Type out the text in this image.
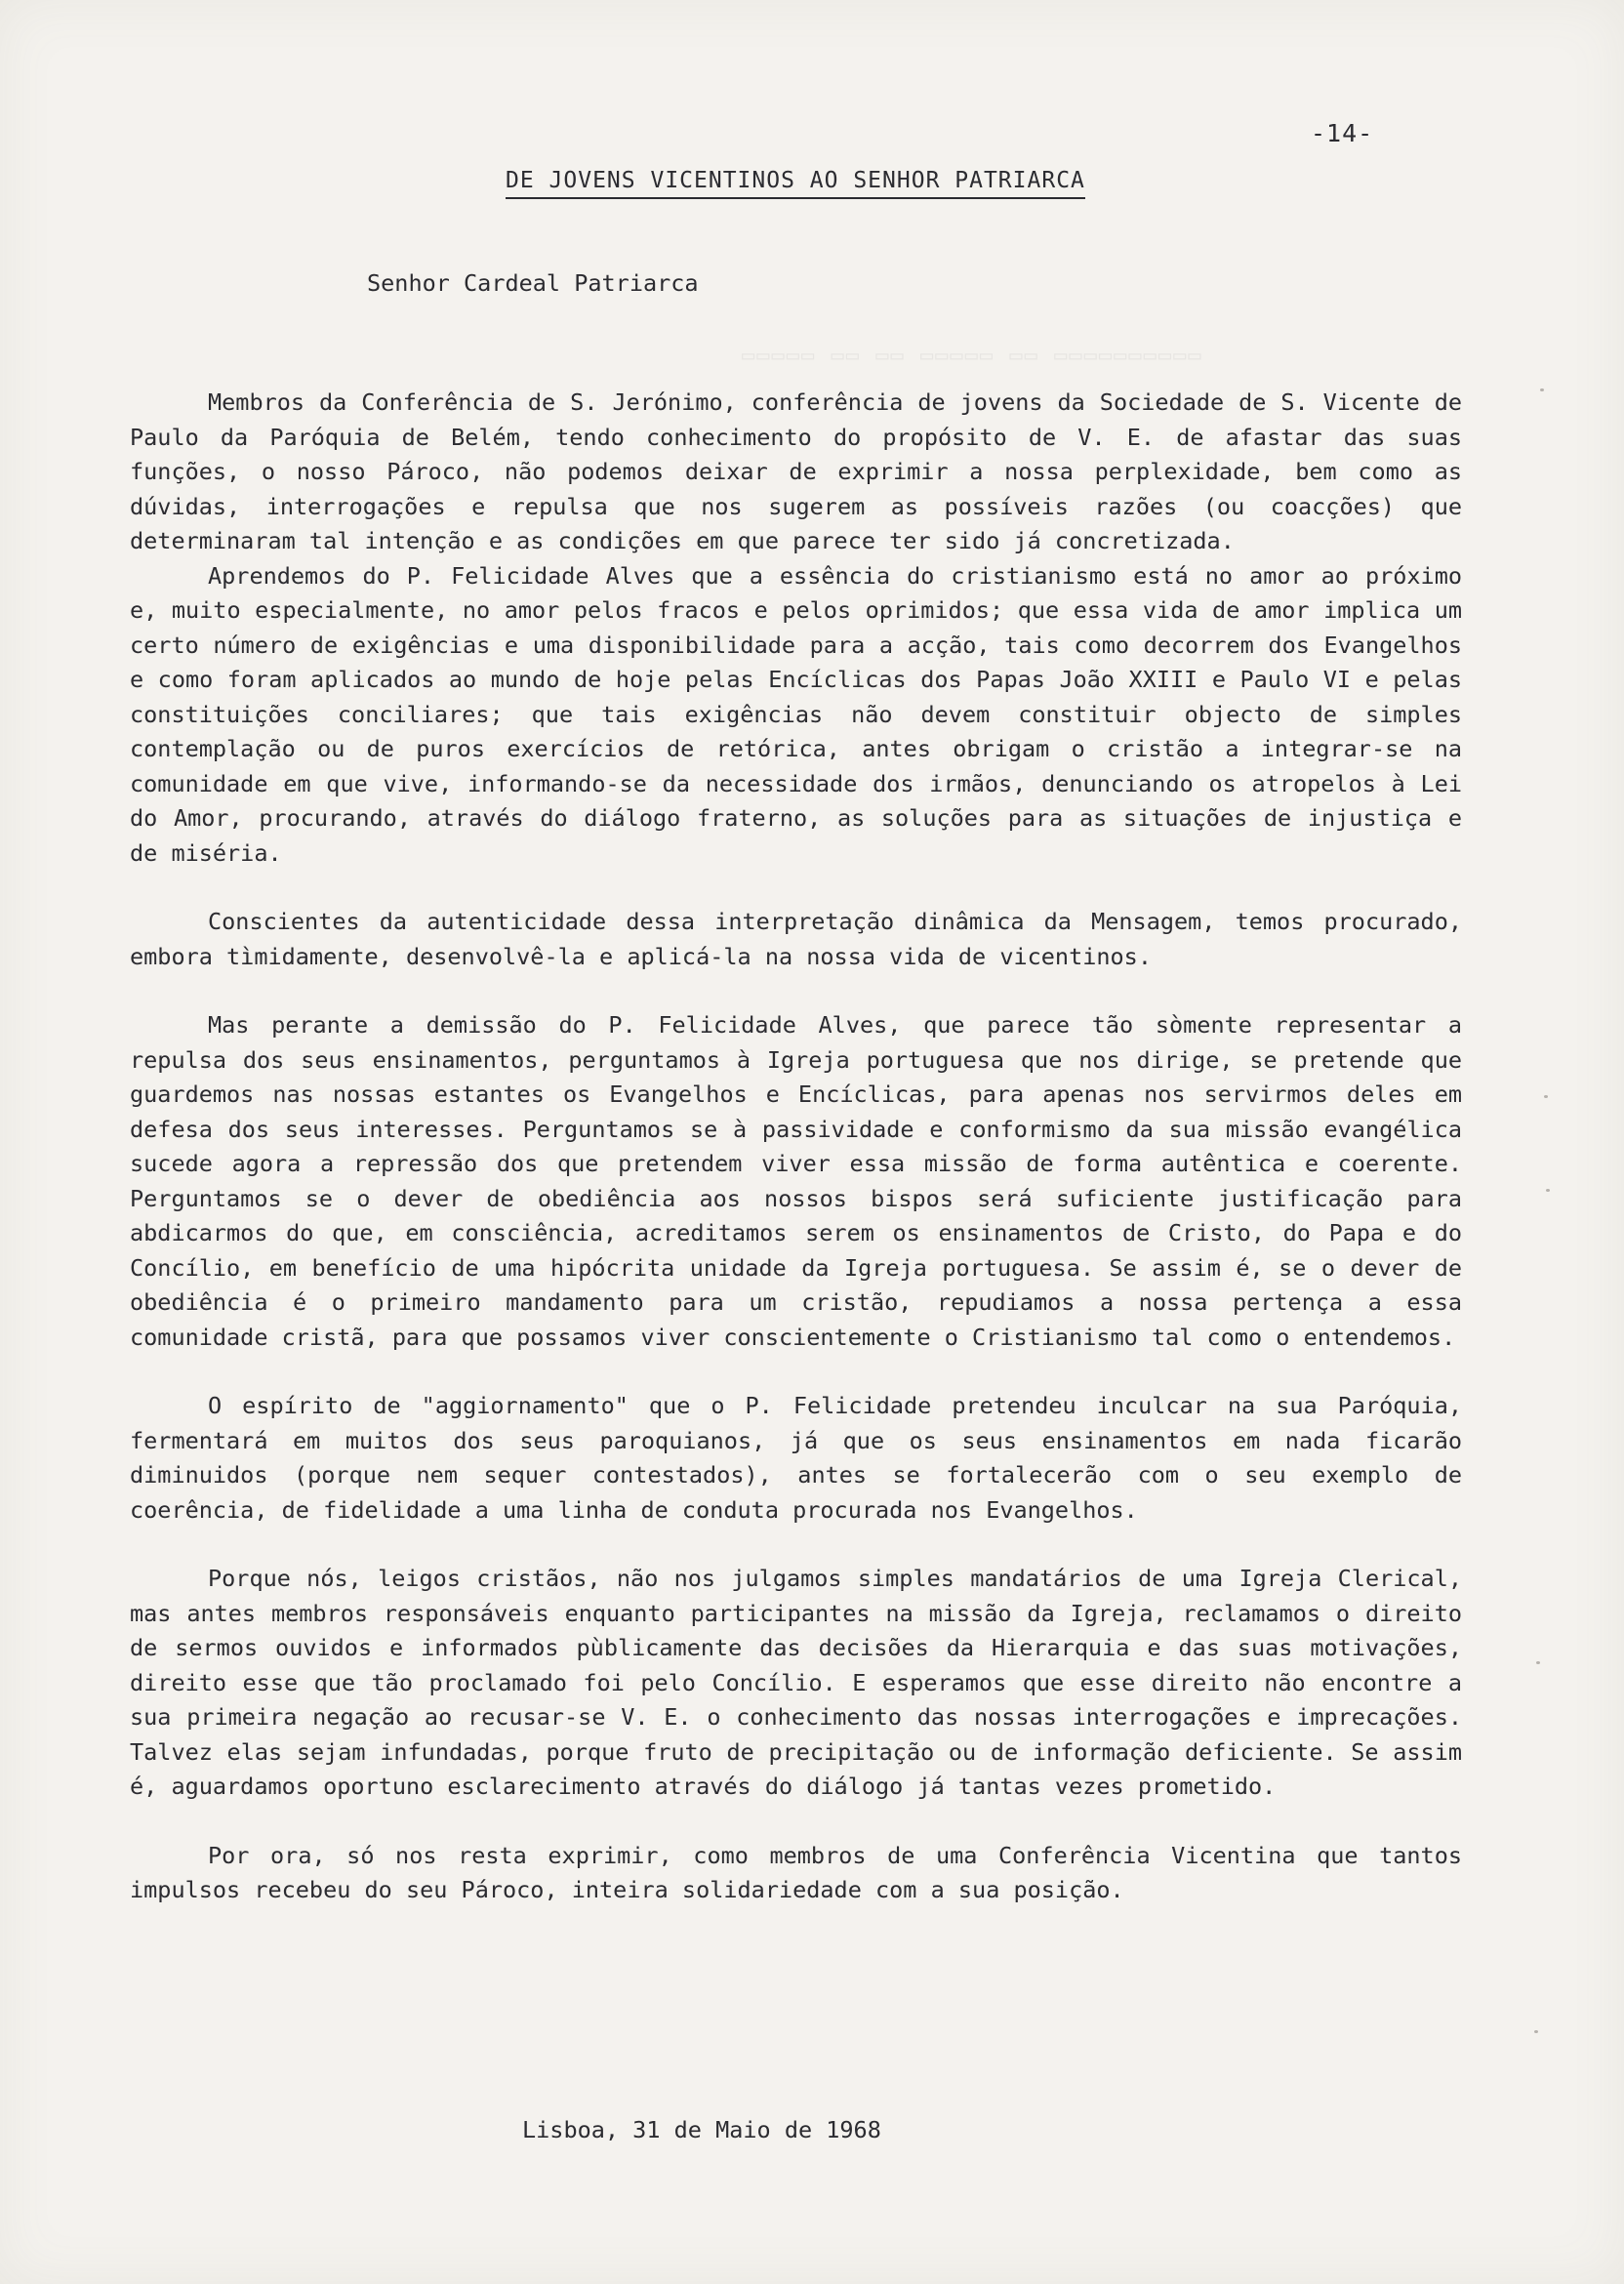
▭▭▭▭▭ ▭▭ ▭▭ ▭▭▭▭▭ ▭▭ ▭▭▭▭▭▭▭▭▭▭
-14-
DE JOVENS VICENTINOS AO SENHOR PATRIARCA
Senhor Cardeal Patriarca

Membros da Conferência de S. Jerónimo, conferência de jovens da Sociedade de S. Vicente de Paulo da Paróquia de Belém, tendo conhecimento do propósito de V. E. de afastar das suas funções, o nosso Pároco, não podemos deixar de exprimir a nossa perplexidade, bem como as dúvidas, interrogações e repulsa que nos sugerem as possíveis razões (ou coacções) que determinaram tal intenção e as condições em que parece ter sido já concretizada.

Aprendemos do P. Felicidade Alves que a essência do cristianismo está no amor ao próximo e, muito especialmente, no amor pelos fracos e pelos oprimidos; que essa vida de amor implica um certo número de exigências e uma disponibilidade para a acção, tais como decorrem dos Evangelhos e como foram aplicados ao mundo de hoje pelas Encíclicas dos Papas João XXIII e Paulo VI e pelas constituições conciliares; que tais exigências não devem constituir objecto de simples contemplação ou de puros exercícios de retórica, antes obrigam o cristão a integrar-se na comunidade em que vive, informando-se da necessidade dos irmãos, denunciando os atropelos à Lei do Amor, procurando, através do diálogo fraterno, as soluções para as situações de injustiça e de miséria.

Conscientes da autenticidade dessa interpretação dinâmica da Mensagem, temos procurado, embora tìmidamente, desenvolvê-la e aplicá-la na nossa vida de vicentinos.

Mas perante a demissão do P. Felicidade Alves, que parece tão sòmente representar a repulsa dos seus ensinamentos, perguntamos à Igreja portuguesa que nos dirige, se pretende que guardemos nas nossas estantes os Evangelhos e Encíclicas, para apenas nos servirmos deles em defesa dos seus interesses. Perguntamos se à passividade e conformismo da sua missão evangélica sucede agora a repressão dos que pretendem viver essa missão de forma autêntica e coerente. Perguntamos se o dever de obediência aos nossos bispos será suficiente justificação para abdicarmos do que, em consciência, acreditamos serem os ensinamentos de Cristo, do Papa e do Concílio, em benefício de uma hipócrita unidade da Igreja portuguesa. Se assim é, se o dever de obediência é o primeiro mandamento para um cristão, repudiamos a nossa pertença a essa comunidade cristã, para que possamos viver conscientemente o Cristianismo tal como o entendemos.

O espírito de "aggiornamento" que o P. Felicidade pretendeu inculcar na sua Paróquia, fermentará em muitos dos seus paroquianos, já que os seus ensinamentos em nada ficarão diminuidos (porque nem sequer contestados), antes se fortalecerão com o seu exemplo de coerência, de fidelidade a uma linha de conduta procurada nos Evangelhos.

Porque nós, leigos cristãos, não nos julgamos simples mandatários de uma Igreja Clerical, mas antes membros responsáveis enquanto participantes na missão da Igreja, reclamamos o direito de sermos ouvidos e informados pùblicamente das decisões da Hierarquia e das suas motivações, direito esse que tão proclamado foi pelo Concílio. E esperamos que esse direito não encontre a sua primeira negação ao recusar-se V. E. o conhecimento das nossas interrogações e imprecações. Talvez elas sejam infundadas, porque fruto de precipitação ou de informação deficiente. Se assim é, aguardamos oportuno esclarecimento através do diálogo já tantas vezes prometido.

Por ora, só nos resta exprimir, como membros de uma Conferência Vicentina que tantos impulsos recebeu do seu Pároco, inteira solidariedade com a sua posição.

Lisboa, 31 de Maio de 1968
